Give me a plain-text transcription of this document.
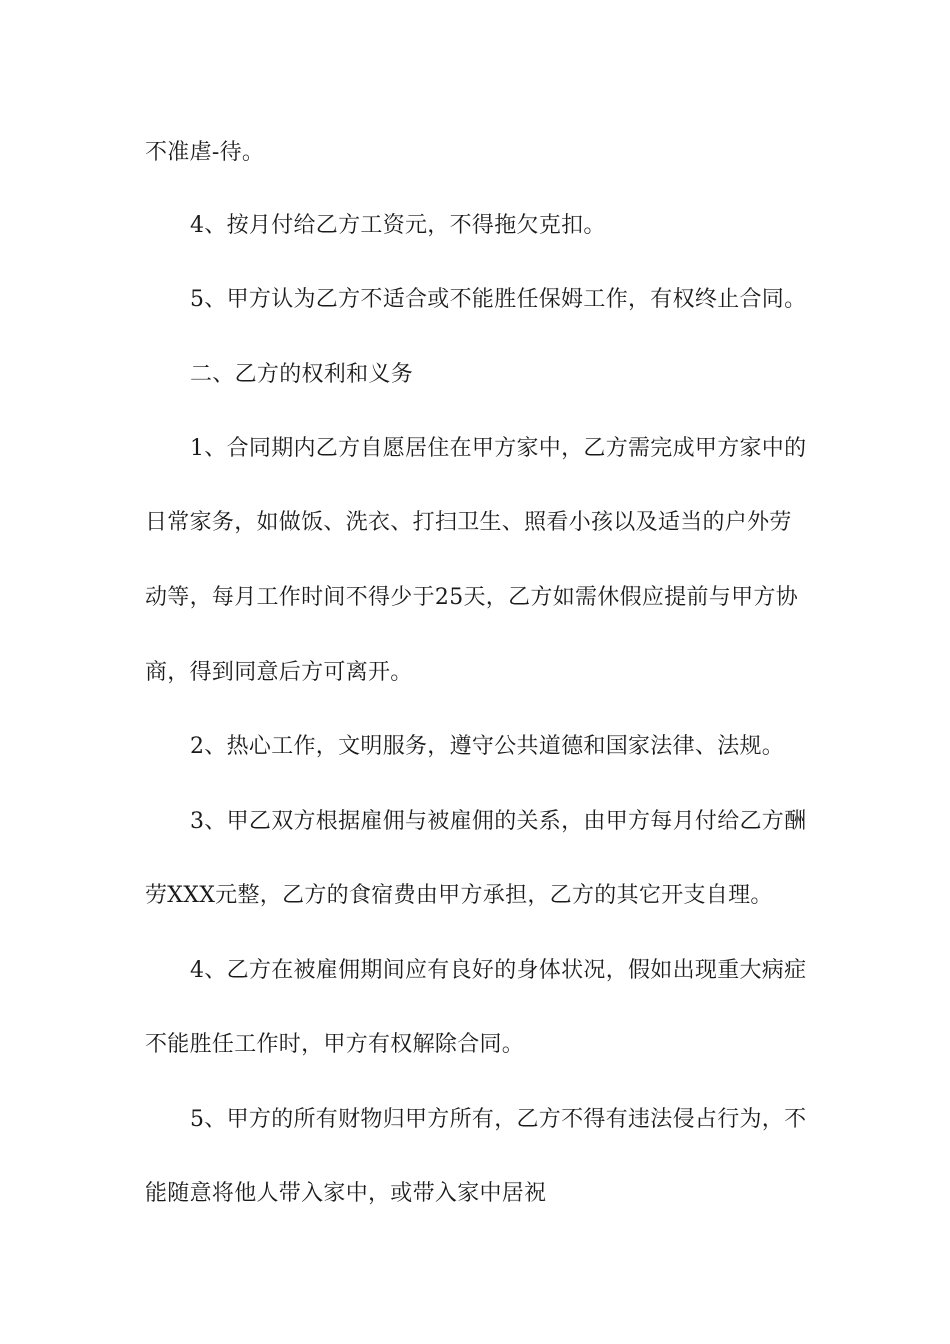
不准虐-待。
4、按月付给乙方工资元，不得拖欠克扣。
5、甲方认为乙方不适合或不能胜任保姆工作，有权终止合同。
二、乙方的权利和义务
1、合同期内乙方自愿居住在甲方家中，乙方需完成甲方家中的
日常家务，如做饭、洗衣、打扫卫生、照看小孩以及适当的户外劳
动等，每月工作时间不得少于25天，乙方如需休假应提前与甲方协
商，得到同意后方可离开。
2、热心工作，文明服务，遵守公共道德和国家法律、法规。
3、甲乙双方根据雇佣与被雇佣的关系，由甲方每月付给乙方酬
劳XXX元整，乙方的食宿费由甲方承担，乙方的其它开支自理。
4、乙方在被雇佣期间应有良好的身体状况，假如出现重大病症
不能胜任工作时，甲方有权解除合同。
5、甲方的所有财物归甲方所有，乙方不得有违法侵占行为，不
能随意将他人带入家中，或带入家中居祝
